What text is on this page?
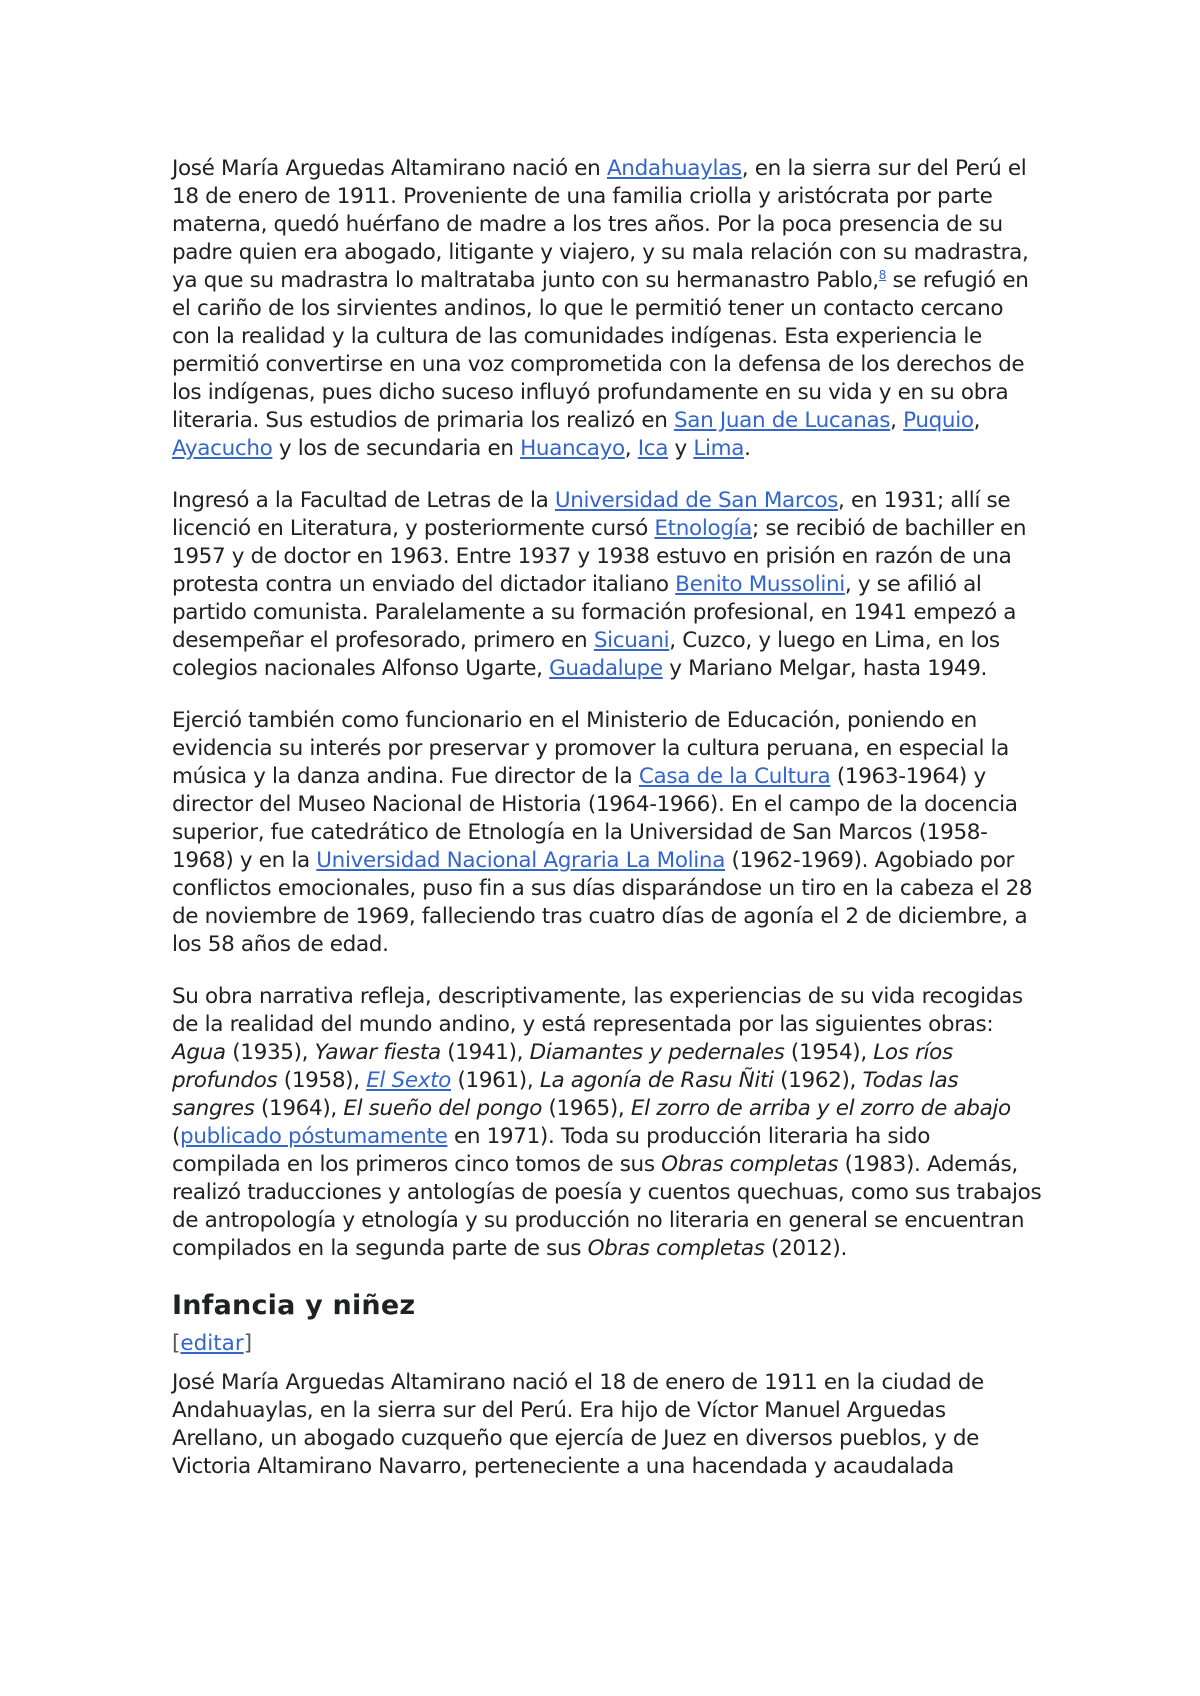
José María Arguedas Altamirano nació en Andahuaylas, en la sierra sur del Perú el 18 de enero de 1911. Proveniente de una familia criolla y aristócrata por parte materna, quedó huérfano de madre a los tres años. Por la poca presencia de su padre quien era abogado, litigante y viajero, y su mala relación con su madrastra, ya que su madrastra lo maltrataba junto con su hermanastro Pablo,$^8$ se refugió en el cariño de los sirvientes andinos, lo que le permitió tener un contacto cercano con la realidad y la cultura de las comunidades indígenas. Esta experiencia le permitió convertirse en una voz comprometida con la defensa de los derechos de los indígenas, pues dicho suceso influyó profundamente en su vida y en su obra literaria. Sus estudios de primaria los realizó en San Juan de Lucanas, Puquio, Ayacucho y los de secundaria en Huancayo, Ica y Lima.

Ingresó a la Facultad de Letras de la Universidad de San Marcos, en 1931; allí se licenció en Literatura, y posteriormente cursó Etnología; se recibió de bachiller en 1957 y de doctor en 1963. Entre 1937 y 1938 estuvo en prisión en razón de una protesta contra un enviado del dictador italiano Benito Mussolini, y se afilió al partido comunista. Paralelamente a su formación profesional, en 1941 empezó a desempeñar el profesorado, primero en Sicuani, Cuzco, y luego en Lima, en los colegios nacionales Alfonso Ugarte, Guadalupe y Mariano Melgar, hasta 1949.

Ejerció también como funcionario en el Ministerio de Educación, poniendo en evidencia su interés por preservar y promover la cultura peruana, en especial la música y la danza andina. Fue director de la Casa de la Cultura (1963-1964) y director del Museo Nacional de Historia (1964-1966). En el campo de la docencia superior, fue catedrático de Etnología en la Universidad de San Marcos (1958-1968) y en la Universidad Nacional Agraria La Molina (1962-1969). Agobiado por conflictos emocionales, puso fin a sus días disparándose un tiro en la cabeza el 28 de noviembre de 1969, falleciendo tras cuatro días de agonía el 2 de diciembre, a los 58 años de edad.

Su obra narrativa refleja, descriptivamente, las experiencias de su vida recogidas de la realidad del mundo andino, y está representada por las siguientes obras: Agua (1935), Yawar fiesta (1941), Diamantes y pedernales (1954), Los ríos profundos (1958), El Sexto (1961), La agonía de Rasu Ñiti (1962), Todas las sangres (1964), El sueño del pongo (1965), El zorro de arriba y el zorro de abajo (publicado póstumamente en 1971). Toda su producción literaria ha sido compilada en los primeros cinco tomos de sus Obras completas (1983). Además, realizó traducciones y antologías de poesía y cuentos quechuas, como sus trabajos de antropología y etnología y su producción no literaria en general se encuentran compilados en la segunda parte de sus Obras completas (2012).

Infancia y niñez
[editar]

José María Arguedas Altamirano nació el 18 de enero de 1911 en la ciudad de Andahuaylas, en la sierra sur del Perú. Era hijo de Víctor Manuel Arguedas Arellano, un abogado cuzqueño que ejercía de Juez en diversos pueblos, y de Victoria Altamirano Navarro, perteneciente a una hacendada y acaudalada
